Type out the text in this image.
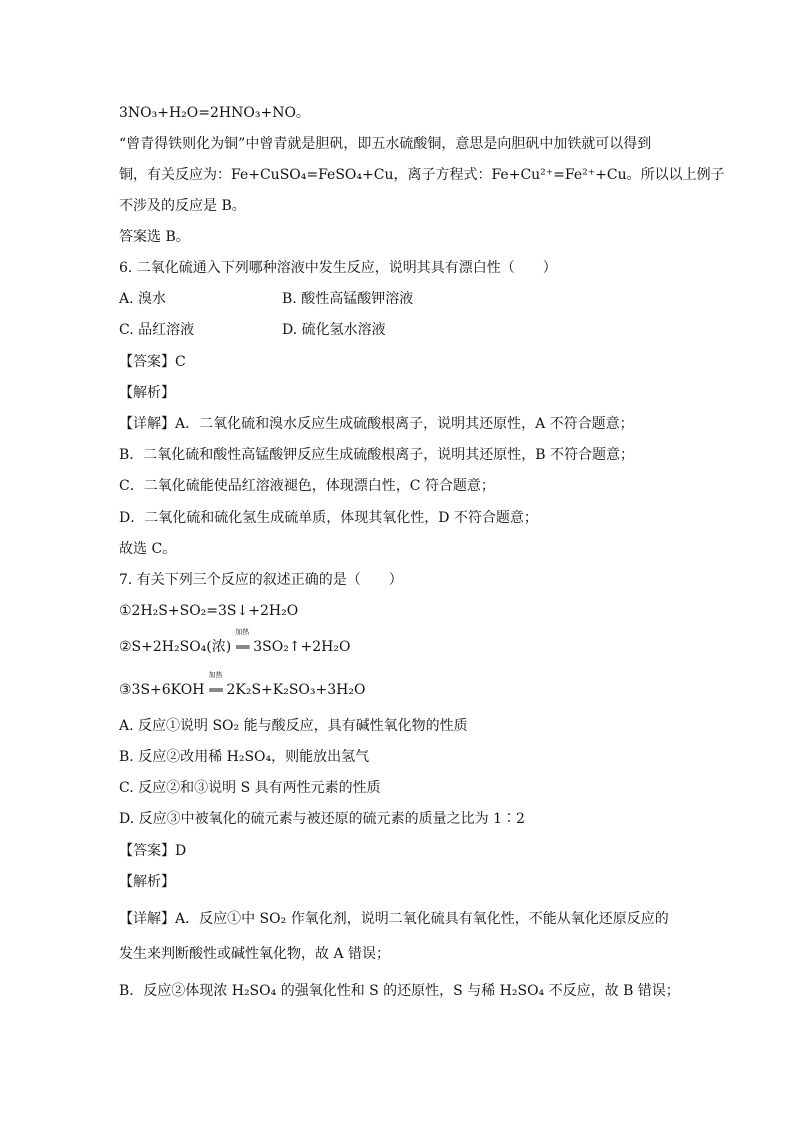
3NO₃+H₂O=2HNO₃+NO。
“曾青得铁则化为铜”中曾青就是胆矾，即五水硫酸铜，意思是向胆矾中加铁就可以得到
铜，有关反应为：Fe+CuSO₄=FeSO₄+Cu，离子方程式：Fe+Cu²⁺=Fe²⁺+Cu。所以以上例子
不涉及的反应是 B。
答案选 B。
6. 二氧化硫通入下列哪种溶液中发生反应，说明其具有漂白性（　　）
A. 溴水	B. 酸性高锰酸钾溶液
C. 品红溶液	D. 硫化氢水溶液
【答案】C
【解析】
【详解】A．二氧化硫和溴水反应生成硫酸根离子，说明其还原性，A 不符合题意；
B．二氧化硫和酸性高锰酸钾反应生成硫酸根离子，说明其还原性，B 不符合题意；
C．二氧化硫能使品红溶液褪色，体现漂白性，C 符合题意；
D．二氧化硫和硫化氢生成硫单质，体现其氧化性，D 不符合题意；
故选 C。
7. 有关下列三个反应的叙述正确的是（　　）
①2H₂S+SO₂=3S↓+2H₂O
②S+2H₂SO₄(浓)
加热
══ 3SO₂↑+2H₂O
③3S+6KOH
加热
══ 2K₂S+K₂SO₃+3H₂O
A. 反应①说明 SO₂ 能与酸反应，具有碱性氧化物的性质
B. 反应②改用稀 H₂SO₄，则能放出氢气
C. 反应②和③说明 S 具有两性元素的性质
D. 反应③中被氧化的硫元素与被还原的硫元素的质量之比为 1∶2
【答案】D
【解析】
【详解】A．反应①中 SO₂ 作氧化剂，说明二氧化硫具有氧化性，不能从氧化还原反应的
发生来判断酸性或碱性氧化物，故 A 错误；
B．反应②体现浓 H₂SO₄ 的强氧化性和 S 的还原性，S 与稀 H₂SO₄ 不反应，故 B 错误；
